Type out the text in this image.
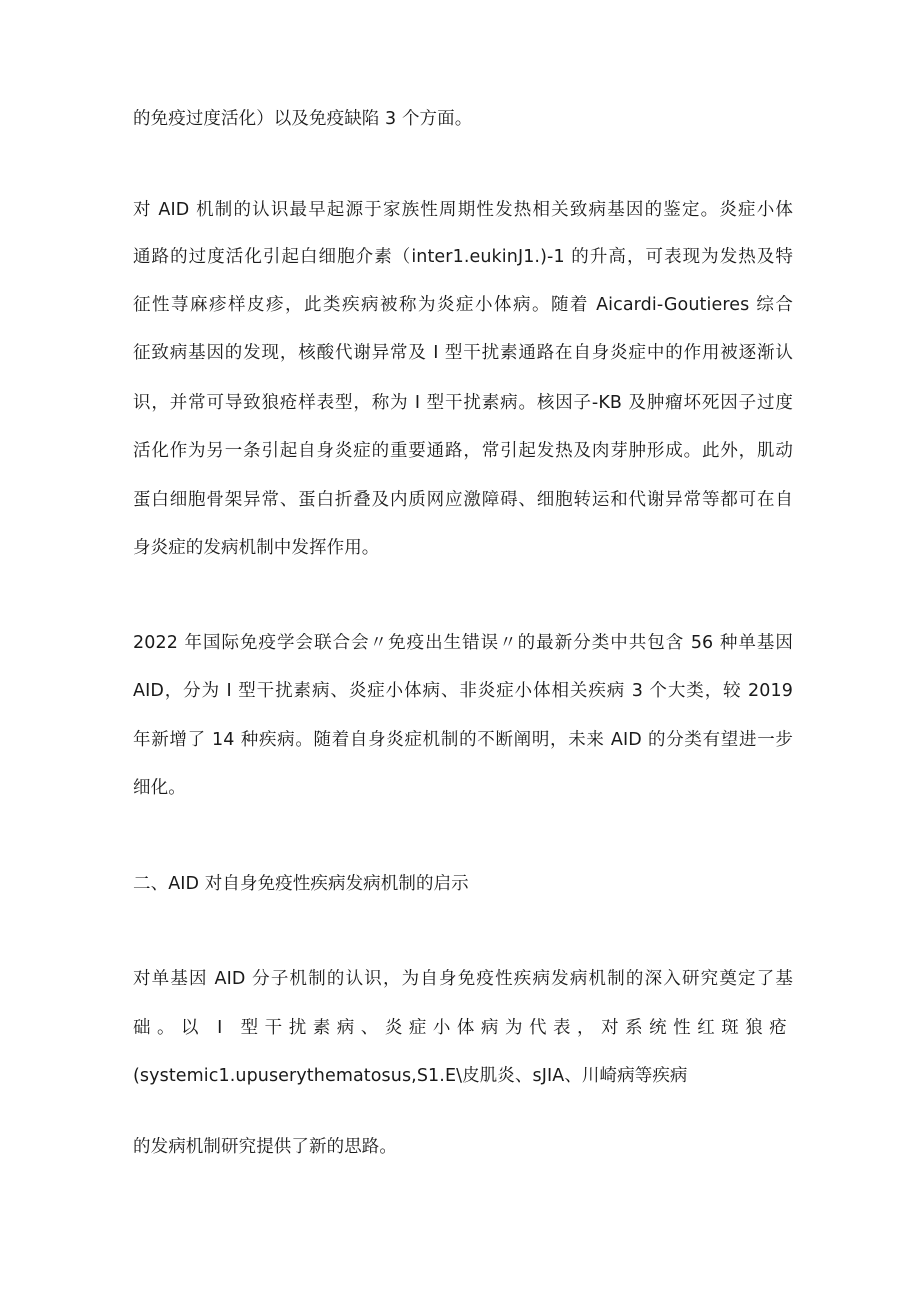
的免疫过度活化）以及免疫缺陷 3 个方面。
对 AID 机制的认识最早起源于家族性周期性发热相关致病基因的鉴定。炎症小体
通路的过度活化引起白细胞介素（inter1.eukinJ1.)-1 的升高，可表现为发热及特
征性荨麻疹样皮疹，此类疾病被称为炎症小体病。随着 Aicardi-Goutieres 综合
征致病基因的发现，核酸代谢异常及 I 型干扰素通路在自身炎症中的作用被逐渐认
识，并常可导致狼疮样表型，称为 I 型干扰素病。核因子-KB 及肿瘤坏死因子过度
活化作为另一条引起自身炎症的重要通路，常引起发热及肉芽肿形成。此外，肌动
蛋白细胞骨架异常、蛋白折叠及内质网应激障碍、细胞转运和代谢异常等都可在自
身炎症的发病机制中发挥作用。
2022 年国际免疫学会联合会〃免疫出生错误〃的最新分类中共包含 56 种单基因
AID，分为 I 型干扰素病、炎症小体病、非炎症小体相关疾病 3 个大类，较 2019
年新增了 14 种疾病。随着自身炎症机制的不断阐明，未来 AID 的分类有望进一步
细化。
二、AID 对自身免疫性疾病发病机制的启示
对单基因 AID 分子机制的认识，为自身免疫性疾病发病机制的深入研究奠定了基
础。以 I 型干扰素病、炎症小体病为代表，对系统性红斑狼疮
(systemic1.upuserythematosus,S1.E\皮肌炎、sJIA、川崎病等疾病
的发病机制研究提供了新的思路。
